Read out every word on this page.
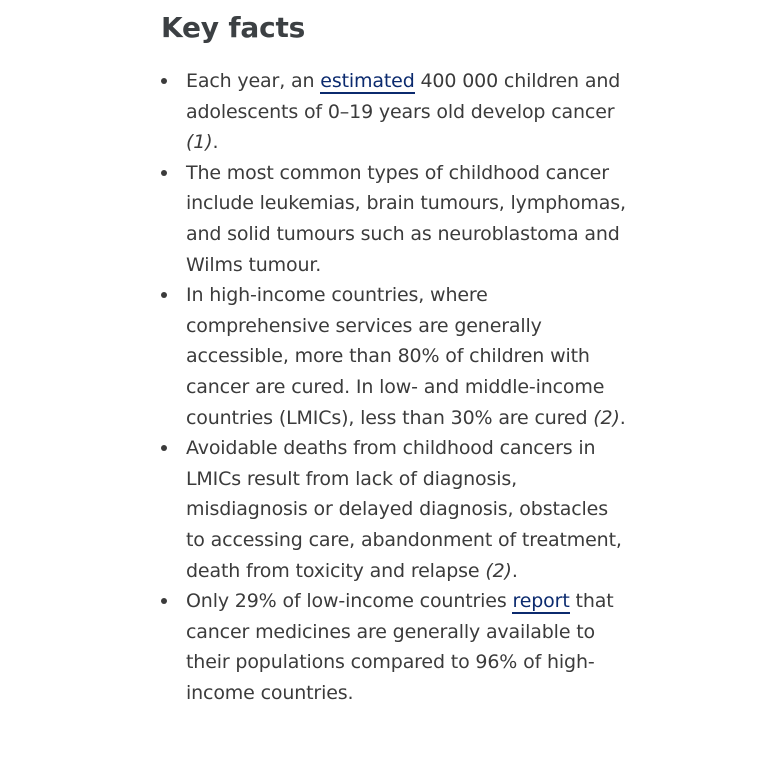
Key facts
Each year, an estimated 400 000 children and adolescents of 0–19 years old develop cancer (1).
The most common types of childhood cancer include leukemias, brain tumours, lymphomas, and solid tumours such as neuroblastoma and Wilms tumour.
In high-income countries, where comprehensive services are generally accessible, more than 80% of children with cancer are cured. In low- and middle-income countries (LMICs), less than 30% are cured (2).
Avoidable deaths from childhood cancers in LMICs result from lack of diagnosis, misdiagnosis or delayed diagnosis, obstacles to accessing care, abandonment of treatment, death from toxicity and relapse (2).
Only 29% of low-income countries report that cancer medicines are generally available to their populations compared to 96% of high-income countries.
